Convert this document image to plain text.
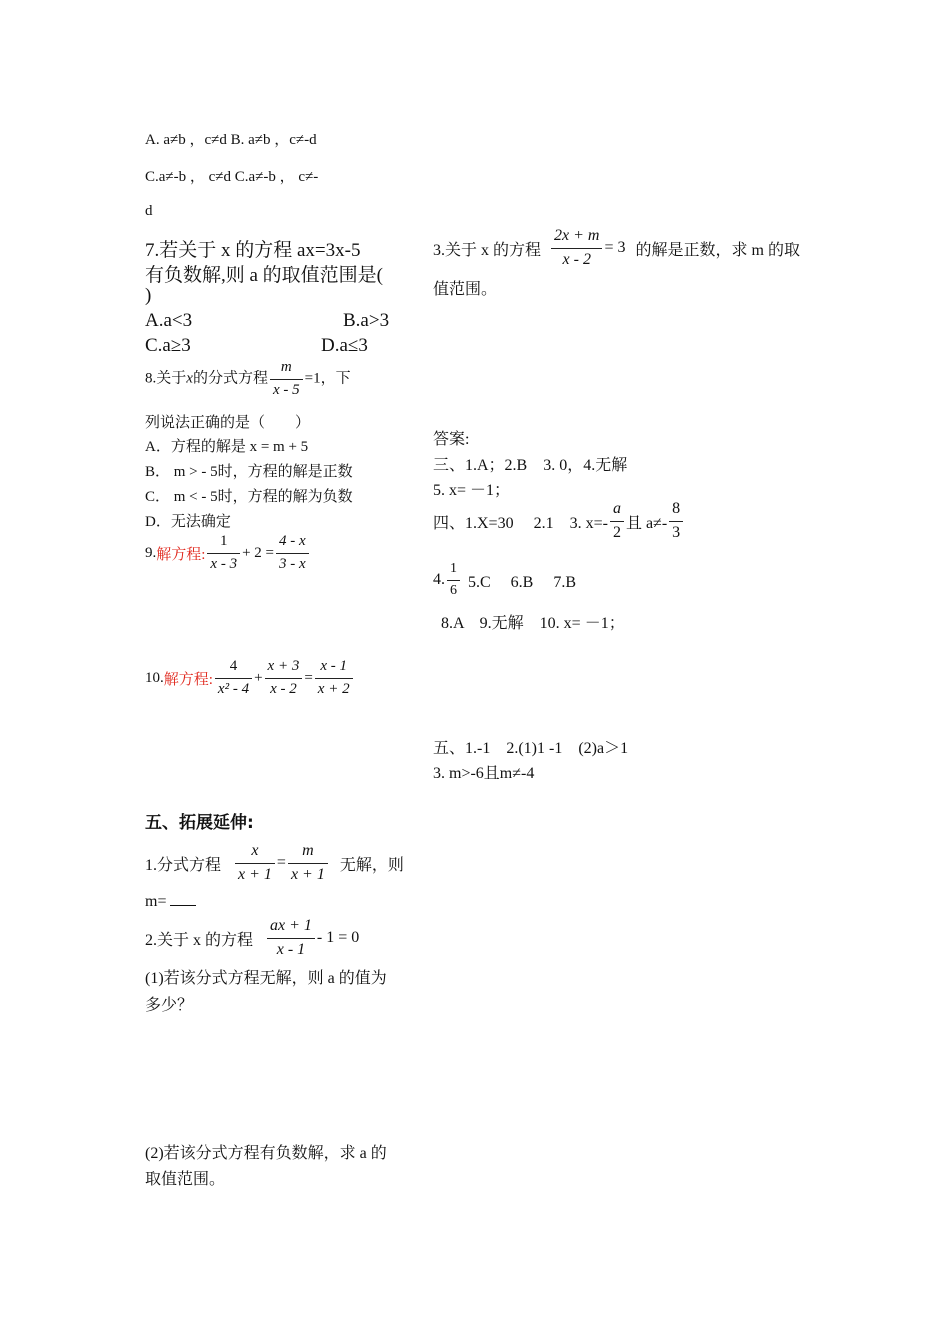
A. a≠b ，c≠d B. a≠b ，c≠-d
C.a≠-b ， c≠d C.a≠-b ， c≠-
d
7.若关于 x 的方程 ax=3x-5
有负数解,则 a 的取值范围是(
)
A.a<3	B.a>3
C.a≥3	D.a≤3
8.关于x的分式方程 $\frac{m}{x - 5} =1$，下
列说法正确的是（　　）
A．方程的解是 x = m + 5
B． m > - 5时，方程的解是正数
C． m < - 5时，方程的解为负数
D．无法确定
9.解方程: $\frac{1}{x - 3} + 2 = \frac{4 - x}{3 - x}$
10.解方程: $\frac{4}{\text{x² - 4}} + \frac{x + 3}{x - 2} = \frac{x - 1}{x + 2}$
五、拓展延伸:
1.分式方程 $\frac{x}{x + 1} = \frac{m}{x + 1}$ 无解，则
m=
2.关于 x 的方程 $\frac{ax + 1}{x - 1} - 1 = 0$
(1)若该分式方程无解，则 a 的值为
多少？
(2)若该分式方程有负数解，求 a 的
取值范围。
3.关于 x 的方程 $\frac{2x + m}{x - 2} = 3$ 的解是正数，求 m 的取
值范围。
答案:
三、1.A；2.B　3. 0，4.无解
5. x= －1；
四、1.X=30　 2.1　3. $x=- \frac{a}{2}$ 且 $a\ne- \frac{8}{3}$
4. $\frac{1}{6} 5.C$　 6.B　 7.B
8.A　9.无解　10. x= －1；
五、1.-1　2.(1)1 -1　(2)a＞1
3. m>-6且m≠-4
